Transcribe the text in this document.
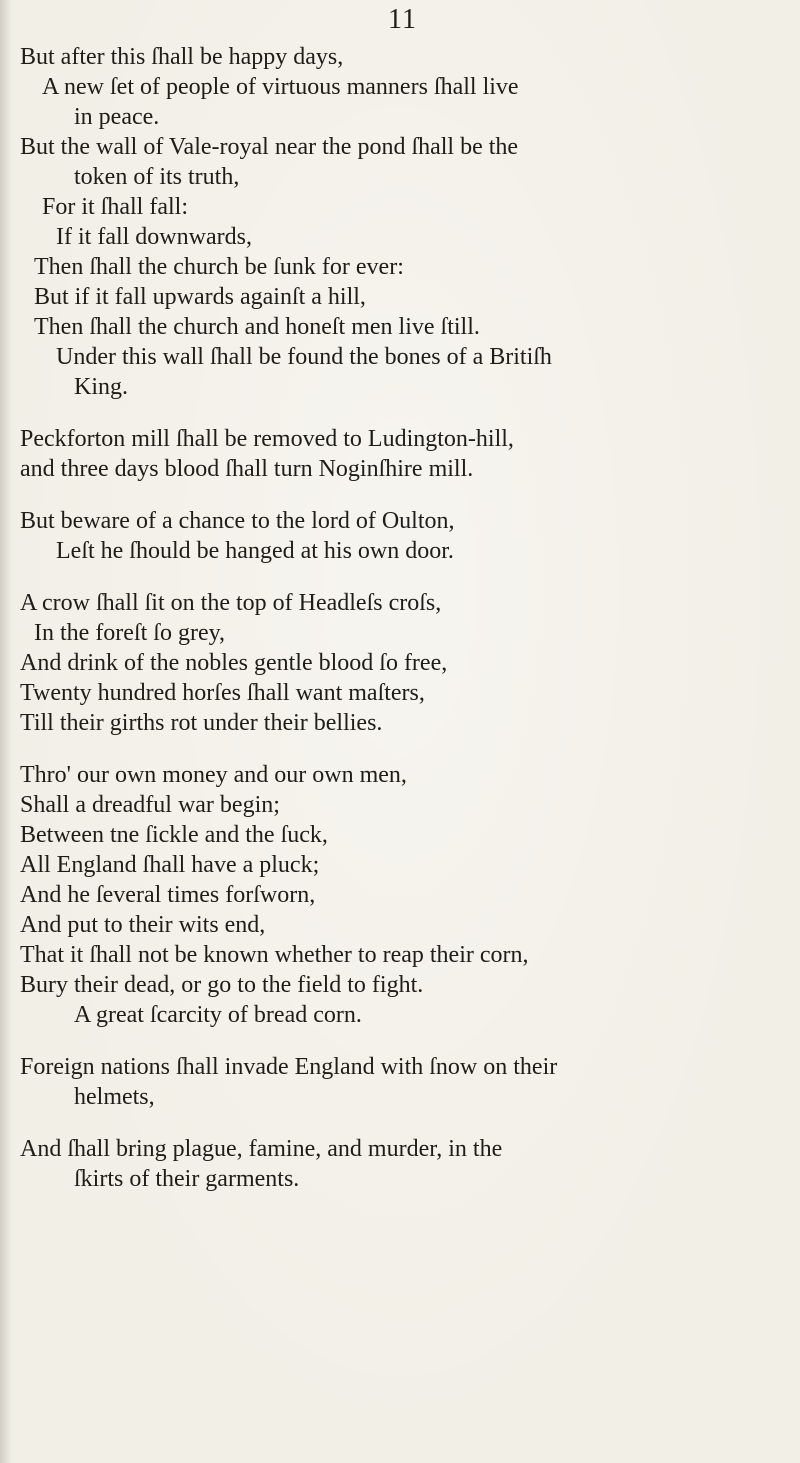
11
But after this ſhall be happy days,
A new ſet of people of virtuous manners ſhall live
in peace.
But the wall of Vale-royal near the pond ſhall be the
token of its truth,
For it ſhall fall:
If it fall downwards,
Then ſhall the church be ſunk for ever:
But if it fall upwards againſt a hill,
Then ſhall the church and honeſt men live ſtill.
Under this wall ſhall be found the bones of a Britiſh
King.
Peckforton mill ſhall be removed to Ludington-hill,
and three days blood ſhall turn Noginſhire mill.
But beware of a chance to the lord of Oulton,
Leſt he ſhould be hanged at his own door.
A crow ſhall ſit on the top of Headleſs croſs,
In the foreſt ſo grey,
And drink of the nobles gentle blood ſo free,
Twenty hundred horſes ſhall want maſters,
Till their girths rot under their bellies.
Thro' our own money and our own men,
Shall a dreadful war begin;
Between tne ſickle and the ſuck,
All England ſhall have a pluck;
And he ſeveral times forſworn,
And put to their wits end,
That it ſhall not be known whether to reap their corn,
Bury their dead, or go to the field to fight.
A great ſcarcity of bread corn.
Foreign nations ſhall invade England with ſnow on their
helmets,
And ſhall bring plague, famine, and murder, in the
ſkirts of their garments.
